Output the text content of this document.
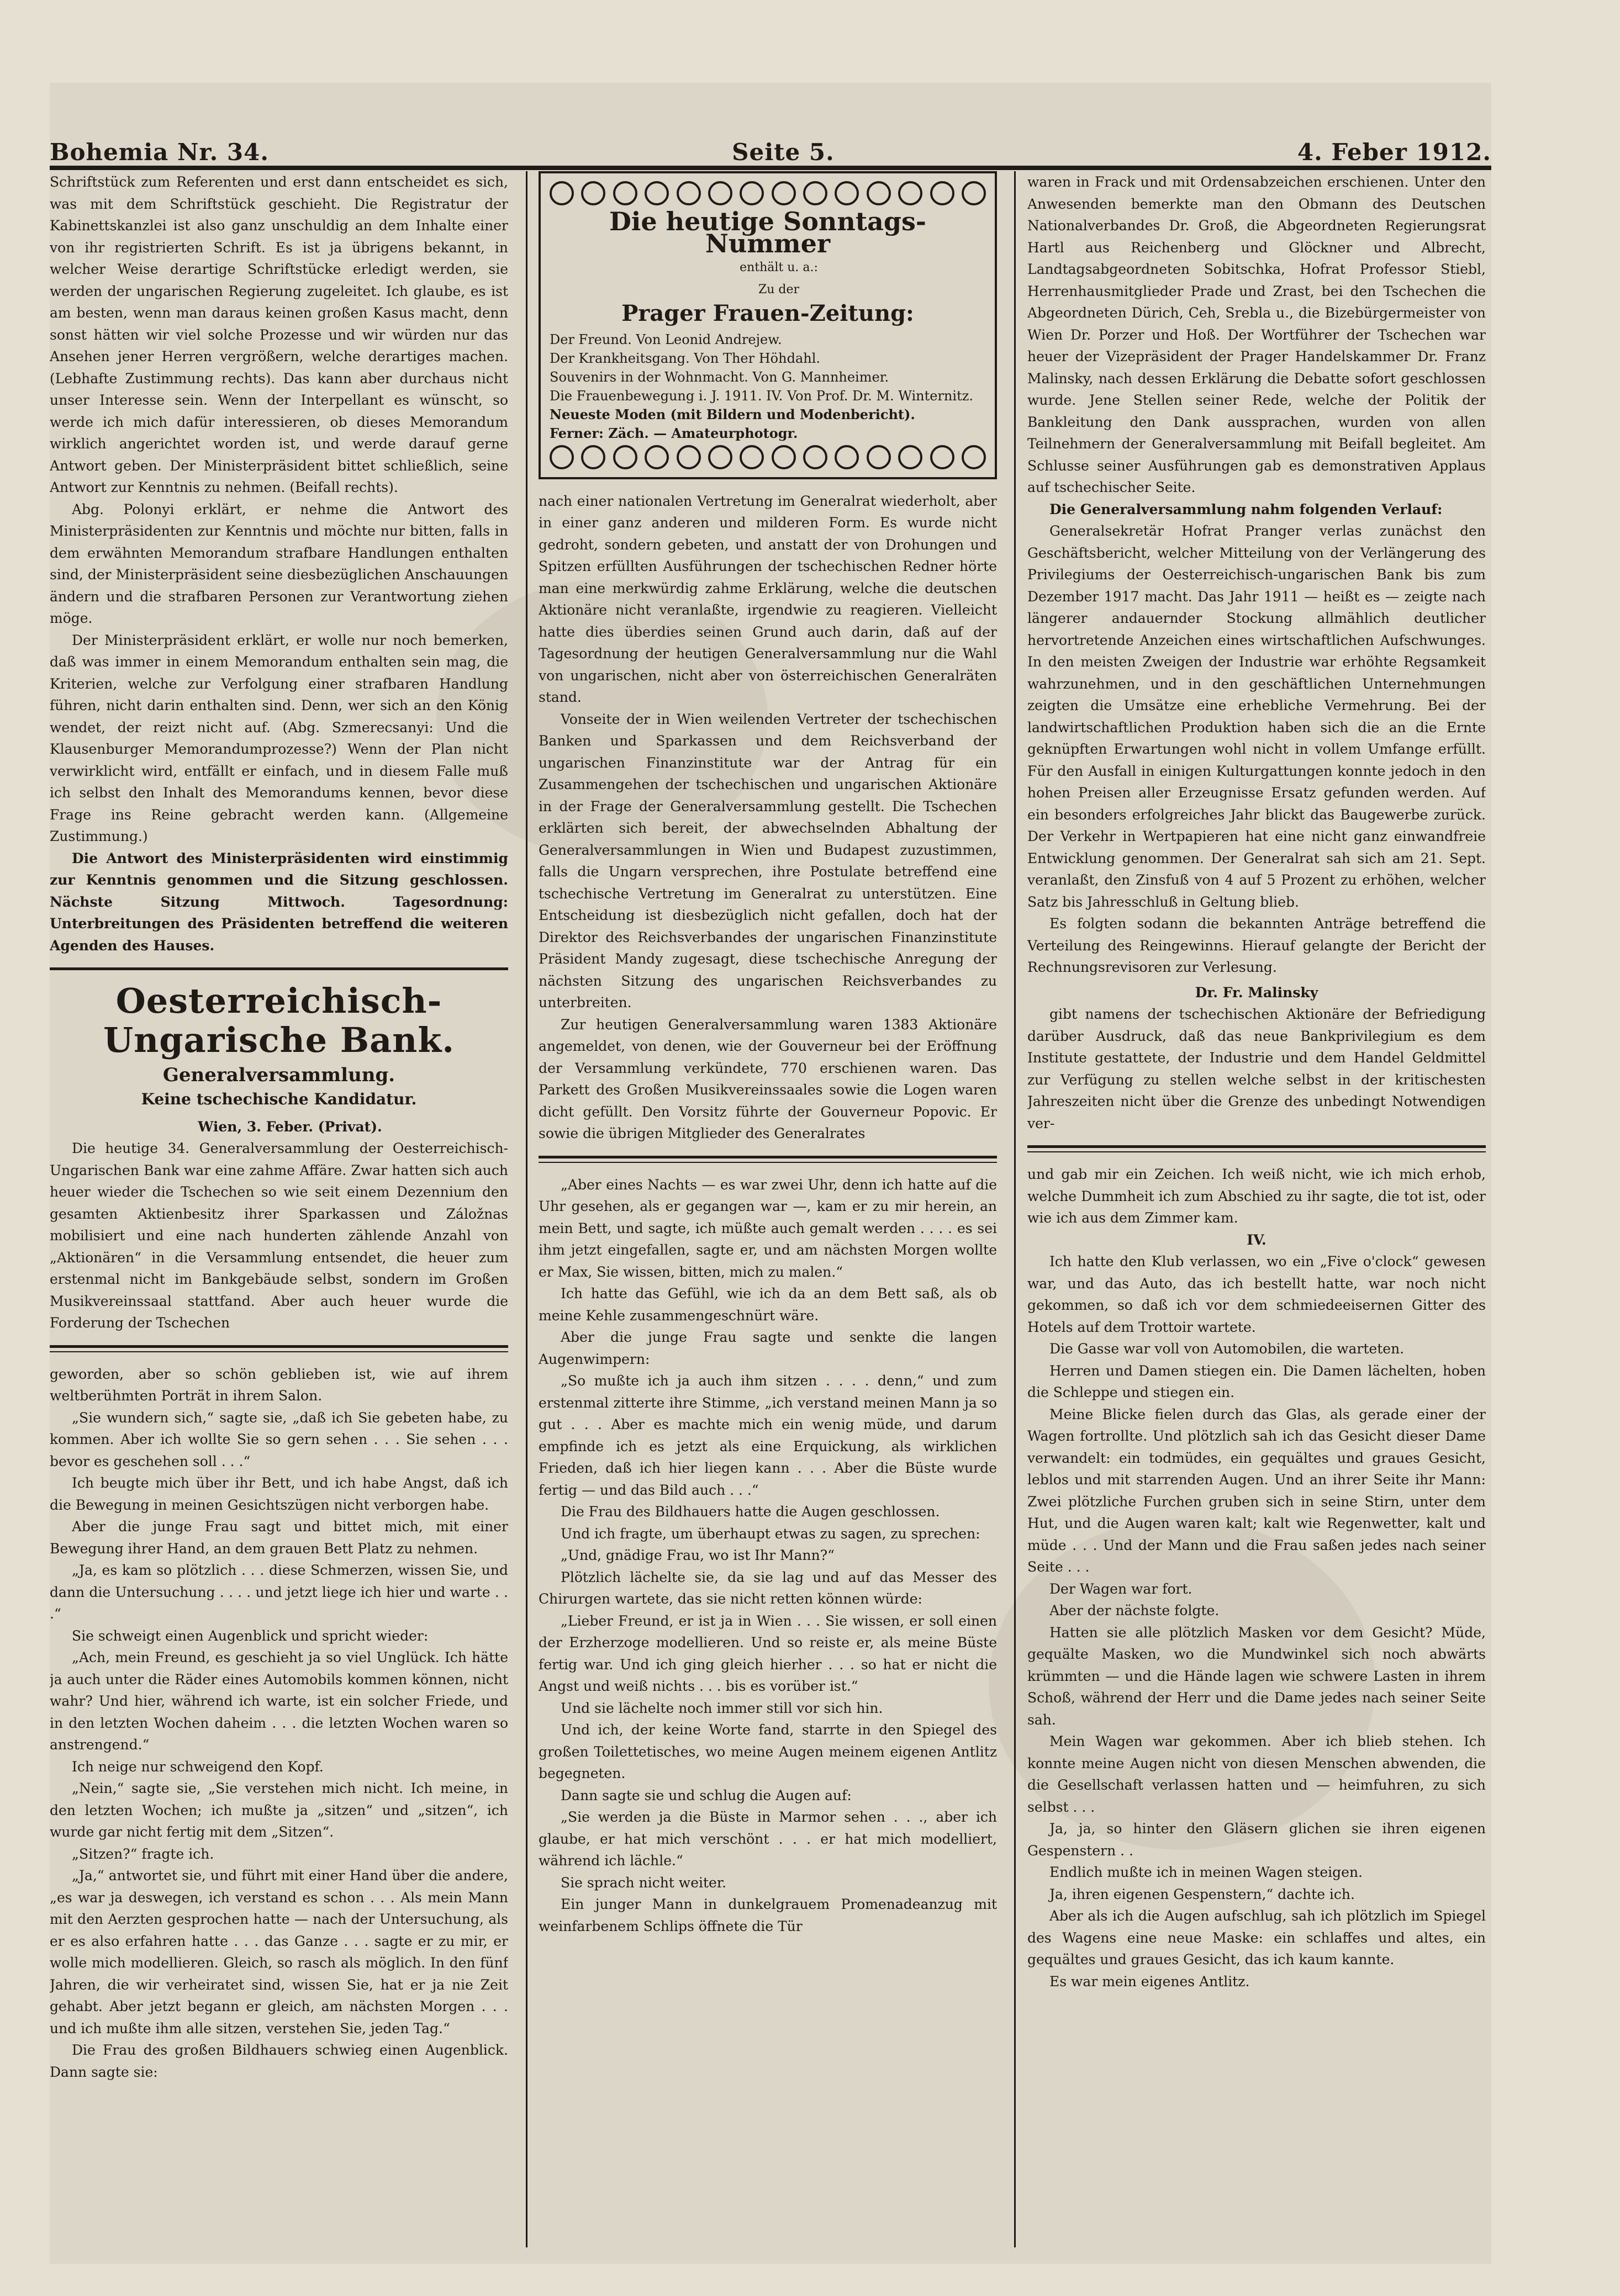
Bohemia Nr. 34.	Seite 5.	4. Feber 1912.

Schriftstück zum Referenten und erst dann entscheidet es sich, was mit dem Schriftstück geschieht. Die Registratur der Kabinettskanzlei ist also ganz unschuldig an dem Inhalte einer von ihr registrierten Schrift. Es ist ja übrigens bekannt, in welcher Weise derartige Schriftstücke erledigt werden, sie werden der ungarischen Regierung zugeleitet. Ich glaube, es ist am besten, wenn man daraus keinen großen Kasus macht, denn sonst hätten wir viel solche Prozesse und wir würden nur das Ansehen jener Herren vergrößern, welche derartiges machen. (Lebhafte Zustimmung rechts). Das kann aber durchaus nicht unser Interesse sein. Wenn der Interpellant es wünscht, so werde ich mich dafür interessieren, ob dieses Memorandum wirklich angerichtet worden ist, und werde darauf gerne Antwort geben. Der Ministerpräsident bittet schließlich, seine Antwort zur Kenntnis zu nehmen. (Beifall rechts).

Abg. Polonyi erklärt, er nehme die Antwort des Ministerpräsidenten zur Kenntnis und möchte nur bitten, falls in dem erwähnten Memorandum strafbare Handlungen enthalten sind, der Ministerpräsident seine diesbezüglichen Anschauungen ändern und die strafbaren Personen zur Verantwortung ziehen möge.

Der Ministerpräsident erklärt, er wolle nur noch bemerken, daß was immer in einem Memorandum enthalten sein mag, die Kriterien, welche zur Verfolgung einer strafbaren Handlung führen, nicht darin enthalten sind. Denn, wer sich an den König wendet, der reizt nicht auf. (Abg. Szmerecsanyi: Und die Klausenburger Memorandumprozesse?) Wenn der Plan nicht verwirklicht wird, entfällt er einfach, und in diesem Falle muß ich selbst den Inhalt des Memorandums kennen, bevor diese Frage ins Reine gebracht werden kann. (Allgemeine Zustimmung.)

Die Antwort des Ministerpräsidenten wird einstimmig zur Kenntnis genommen und die Sitzung geschlossen. Nächste Sitzung Mittwoch. Tagesordnung: Unterbreitungen des Präsidenten betreffend die weiteren Agenden des Hauses.

Oesterreichisch-Ungarische Bank.
Generalversammlung.
Keine tschechische Kandidatur.

Wien, 3. Feber. (Privat).

Die heutige 34. Generalversammlung der Oesterreichisch-Ungarischen Bank war eine zahme Affäre. Zwar hatten sich auch heuer wieder die Tschechen so wie seit einem Dezennium den gesamten Aktienbesitz ihrer Sparkassen und Záložnas mobilisiert und eine nach hunderten zählende Anzahl von „Aktionären“ in die Versammlung entsendet, die heuer zum erstenmal nicht im Bankgebäude selbst, sondern im Großen Musikvereinssaal stattfand. Aber auch heuer wurde die Forderung der Tschechen

geworden, aber so schön geblieben ist, wie auf ihrem weltberühmten Porträt in ihrem Salon.

„Sie wundern sich,“ sagte sie, „daß ich Sie gebeten habe, zu kommen. Aber ich wollte Sie so gern sehen . . . Sie sehen . . . bevor es geschehen soll . . .“

Ich beugte mich über ihr Bett, und ich habe Angst, daß ich die Bewegung in meinen Gesichtszügen nicht verborgen habe.

Aber die junge Frau sagt und bittet mich, mit einer Bewegung ihrer Hand, an dem grauen Bett Platz zu nehmen.

„Ja, es kam so plötzlich . . . diese Schmerzen, wissen Sie, und dann die Untersuchung . . . . und jetzt liege ich hier und warte . . .“

Sie schweigt einen Augenblick und spricht wieder:

„Ach, mein Freund, es geschieht ja so viel Unglück. Ich hätte ja auch unter die Räder eines Automobils kommen können, nicht wahr? Und hier, während ich warte, ist ein solcher Friede, und in den letzten Wochen daheim . . . die letzten Wochen waren so anstrengend.“

Ich neige nur schweigend den Kopf.

„Nein,“ sagte sie, „Sie verstehen mich nicht. Ich meine, in den letzten Wochen; ich mußte ja „sitzen“ und „sitzen“, ich wurde gar nicht fertig mit dem „Sitzen“.

„Sitzen?“ fragte ich.

„Ja,“ antwortet sie, und führt mit einer Hand über die andere, „es war ja deswegen, ich verstand es schon . . . Als mein Mann mit den Aerzten gesprochen hatte — nach der Untersuchung, als er es also erfahren hatte . . . das Ganze . . . sagte er zu mir, er wolle mich modellieren. Gleich, so rasch als möglich. In den fünf Jahren, die wir verheiratet sind, wissen Sie, hat er ja nie Zeit gehabt. Aber jetzt begann er gleich, am nächsten Morgen . . . und ich mußte ihm alle sitzen, verstehen Sie, jeden Tag.“

Die Frau des großen Bildhauers schwieg einen Augenblick. Dann sagte sie:

Die heutige Sonntags-Nummer

enthält u. a.:

Zu der

Prager Frauen-Zeitung:

Der Freund. Von Leonid Andrejew.

Der Krankheitsgang. Von Ther Höhdahl.

Souvenirs in der Wohnmacht. Von G. Mannheimer.

Die Frauenbewegung i. J. 1911. IV. Von Prof. Dr. M. Winternitz.

Neueste Moden (mit Bildern und Modenbericht).

Ferner: Zäch. — Amateurphotogr.

nach einer nationalen Vertretung im Generalrat wiederholt, aber in einer ganz anderen und milderen Form. Es wurde nicht gedroht, sondern gebeten, und anstatt der von Drohungen und Spitzen erfüllten Ausführungen der tschechischen Redner hörte man eine merkwürdig zahme Erklärung, welche die deutschen Aktionäre nicht veranlaßte, irgendwie zu reagieren. Vielleicht hatte dies überdies seinen Grund auch darin, daß auf der Tagesordnung der heutigen Generalversammlung nur die Wahl von ungarischen, nicht aber von österreichischen Generalräten stand.

Vonseite der in Wien weilenden Vertreter der tschechischen Banken und Sparkassen und dem Reichsverband der ungarischen Finanzinstitute war der Antrag für ein Zusammengehen der tschechischen und ungarischen Aktionäre in der Frage der Generalversammlung gestellt. Die Tschechen erklärten sich bereit, der abwechselnden Abhaltung der Generalversammlungen in Wien und Budapest zuzustimmen, falls die Ungarn versprechen, ihre Postulate betreffend eine tschechische Vertretung im Generalrat zu unterstützen. Eine Entscheidung ist diesbezüglich nicht gefallen, doch hat der Direktor des Reichsverbandes der ungarischen Finanzinstitute Präsident Mandy zugesagt, diese tschechische Anregung der nächsten Sitzung des ungarischen Reichsverbandes zu unterbreiten.

Zur heutigen Generalversammlung waren 1383 Aktionäre angemeldet, von denen, wie der Gouverneur bei der Eröffnung der Versammlung verkündete, 770 erschienen waren. Das Parkett des Großen Musikvereinssaales sowie die Logen waren dicht gefüllt. Den Vorsitz führte der Gouverneur Popovic. Er sowie die übrigen Mitglieder des Generalrates

„Aber eines Nachts — es war zwei Uhr, denn ich hatte auf die Uhr gesehen, als er gegangen war —, kam er zu mir herein, an mein Bett, und sagte, ich müßte auch gemalt werden . . . . es sei ihm jetzt eingefallen, sagte er, und am nächsten Morgen wollte er Max, Sie wissen, bitten, mich zu malen.“

Ich hatte das Gefühl, wie ich da an dem Bett saß, als ob meine Kehle zusammengeschnürt wäre.

Aber die junge Frau sagte und senkte die langen Augenwimpern:

„So mußte ich ja auch ihm sitzen . . . . denn,“ und zum erstenmal zitterte ihre Stimme, „ich verstand meinen Mann ja so gut . . . Aber es machte mich ein wenig müde, und darum empfinde ich es jetzt als eine Erquickung, als wirklichen Frieden, daß ich hier liegen kann . . . Aber die Büste wurde fertig — und das Bild auch . . .“

Die Frau des Bildhauers hatte die Augen geschlossen.

Und ich fragte, um überhaupt etwas zu sagen, zu sprechen:

„Und, gnädige Frau, wo ist Ihr Mann?“

Plötzlich lächelte sie, da sie lag und auf das Messer des Chirurgen wartete, das sie nicht retten können würde:

„Lieber Freund, er ist ja in Wien . . . Sie wissen, er soll einen der Erzherzoge modellieren. Und so reiste er, als meine Büste fertig war. Und ich ging gleich hierher . . . so hat er nicht die Angst und weiß nichts . . . bis es vorüber ist.“

Und sie lächelte noch immer still vor sich hin.

Und ich, der keine Worte fand, starrte in den Spiegel des großen Toilettetisches, wo meine Augen meinem eigenen Antlitz begegneten.

Dann sagte sie und schlug die Augen auf:

„Sie werden ja die Büste in Marmor sehen . . ., aber ich glaube, er hat mich verschönt . . . er hat mich modelliert, während ich lächle.“

Sie sprach nicht weiter.

Ein junger Mann in dunkelgrauem Promenadeanzug mit weinfarbenem Schlips öffnete die Tür

waren in Frack und mit Ordensabzeichen erschienen. Unter den Anwesenden bemerkte man den Obmann des Deutschen Nationalverbandes Dr. Groß, die Abgeordneten Regierungsrat Hartl aus Reichenberg und Glöckner und Albrecht, Landtagsabgeordneten Sobitschka, Hofrat Professor Stiebl, Herrenhausmitglieder Prade und Zrast, bei den Tschechen die Abgeordneten Dürich, Ceh, Srebla u., die Bizebürgermeister von Wien Dr. Porzer und Hoß. Der Wortführer der Tschechen war heuer der Vizepräsident der Prager Handelskammer Dr. Franz Malinsky, nach dessen Erklärung die Debatte sofort geschlossen wurde. Jene Stellen seiner Rede, welche der Politik der Bankleitung den Dank aussprachen, wurden von allen Teilnehmern der Generalversammlung mit Beifall begleitet. Am Schlusse seiner Ausführungen gab es demonstrativen Applaus auf tschechischer Seite.

Die Generalversammlung nahm folgenden Verlauf:

Generalsekretär Hofrat Pranger verlas zunächst den Geschäftsbericht, welcher Mitteilung von der Verlängerung des Privilegiums der Oesterreichisch-ungarischen Bank bis zum Dezember 1917 macht. Das Jahr 1911 — heißt es — zeigte nach längerer andauernder Stockung allmählich deutlicher hervortretende Anzeichen eines wirtschaftlichen Aufschwunges. In den meisten Zweigen der Industrie war erhöhte Regsamkeit wahrzunehmen, und in den geschäftlichen Unternehmungen zeigten die Umsätze eine erhebliche Vermehrung. Bei der landwirtschaftlichen Produktion haben sich die an die Ernte geknüpften Erwartungen wohl nicht in vollem Umfange erfüllt. Für den Ausfall in einigen Kulturgattungen konnte jedoch in den hohen Preisen aller Erzeugnisse Ersatz gefunden werden. Auf ein besonders erfolgreiches Jahr blickt das Baugewerbe zurück. Der Verkehr in Wertpapieren hat eine nicht ganz einwandfreie Entwicklung genommen. Der Generalrat sah sich am 21. Sept. veranlaßt, den Zinsfuß von 4 auf 5 Prozent zu erhöhen, welcher Satz bis Jahresschluß in Geltung blieb.

Es folgten sodann die bekannten Anträge betreffend die Verteilung des Reingewinns. Hierauf gelangte der Bericht der Rechnungsrevisoren zur Verlesung.

Dr. Fr. Malinsky

gibt namens der tschechischen Aktionäre der Befriedigung darüber Ausdruck, daß das neue Bankprivilegium es dem Institute gestattete, der Industrie und dem Handel Geldmittel zur Verfügung zu stellen welche selbst in der kritischesten Jahreszeiten nicht über die Grenze des unbedingt Notwendigen ver-

und gab mir ein Zeichen. Ich weiß nicht, wie ich mich erhob, welche Dummheit ich zum Abschied zu ihr sagte, die tot ist, oder wie ich aus dem Zimmer kam.

IV.

Ich hatte den Klub verlassen, wo ein „Five o'clock“ gewesen war, und das Auto, das ich bestellt hatte, war noch nicht gekommen, so daß ich vor dem schmiedeeisernen Gitter des Hotels auf dem Trottoir wartete.

Die Gasse war voll von Automobilen, die warteten.

Herren und Damen stiegen ein. Die Damen lächelten, hoben die Schleppe und stiegen ein.

Meine Blicke fielen durch das Glas, als gerade einer der Wagen fortrollte. Und plötzlich sah ich das Gesicht dieser Dame verwandelt: ein todmüdes, ein gequältes und graues Gesicht, leblos und mit starrenden Augen. Und an ihrer Seite ihr Mann: Zwei plötzliche Furchen gruben sich in seine Stirn, unter dem Hut, und die Augen waren kalt; kalt wie Regenwetter, kalt und müde . . . Und der Mann und die Frau saßen jedes nach seiner Seite . . .

Der Wagen war fort.

Aber der nächste folgte.

Hatten sie alle plötzlich Masken vor dem Gesicht? Müde, gequälte Masken, wo die Mundwinkel sich noch abwärts krümmten — und die Hände lagen wie schwere Lasten in ihrem Schoß, während der Herr und die Dame jedes nach seiner Seite sah.

Mein Wagen war gekommen. Aber ich blieb stehen. Ich konnte meine Augen nicht von diesen Menschen abwenden, die die Gesellschaft verlassen hatten und — heimfuhren, zu sich selbst . . .

Ja, ja, so hinter den Gläsern glichen sie ihren eigenen Gespenstern . .

Endlich mußte ich in meinen Wagen steigen.

Ja, ihren eigenen Gespenstern,“ dachte ich.

Aber als ich die Augen aufschlug, sah ich plötzlich im Spiegel des Wagens eine neue Maske: ein schlaffes und altes, ein gequältes und graues Gesicht, das ich kaum kannte.

Es war mein eigenes Antlitz.
